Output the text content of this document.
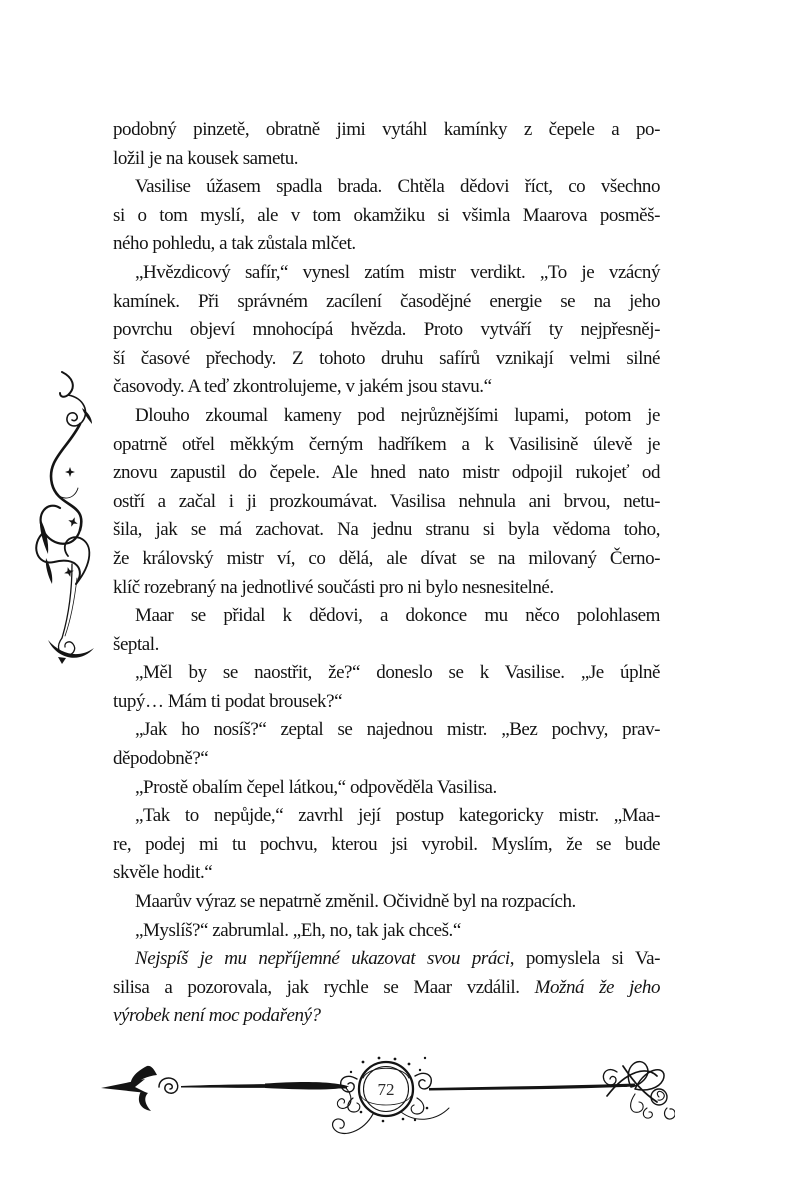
podobný pinzetě, obratně jimi vytáhl kamínky z čepele a po-
ložil je na kousek sametu.
Vasilise úžasem spadla brada. Chtěla dědovi říct, co všechno
si o tom myslí, ale v tom okamžiku si všimla Maarova posměš-
ného pohledu, a tak zůstala mlčet.
„Hvězdicový safír,“ vynesl zatím mistr verdikt. „To je vzácný
kamínek. Při správném zacílení časodějné energie se na jeho
povrchu objeví mnohocípá hvězda. Proto vytváří ty nejpřesněj-
ší časové přechody. Z tohoto druhu safírů vznikají velmi silné
časovody. A teď zkontrolujeme, v jakém jsou stavu.“
Dlouho zkoumal kameny pod nejrůznějšími lupami, potom je
opatrně otřel měkkým černým hadříkem a k Vasilisině úlevě je
znovu zapustil do čepele. Ale hned nato mistr odpojil rukojeť od
ostří a začal i ji prozkoumávat. Vasilisa nehnula ani brvou, netu-
šila, jak se má zachovat. Na jednu stranu si byla vědoma toho,
že královský mistr ví, co dělá, ale dívat se na milovaný Černo-
klíč rozebraný na jednotlivé součásti pro ni bylo nesnesitelné.
Maar se přidal k dědovi, a dokonce mu něco polohlasem
šeptal.
„Měl by se naostřit, že?“ doneslo se k Vasilise. „Je úplně
tupý… Mám ti podat brousek?“
„Jak ho nosíš?“ zeptal se najednou mistr. „Bez pochvy, prav-
děpodobně?“
„Prostě obalím čepel látkou,“ odpověděla Vasilisa.
„Tak to nepůjde,“ zavrhl její postup kategoricky mistr. „Maa-
re, podej mi tu pochvu, kterou jsi vyrobil. Myslím, že se bude
skvěle hodit.“
Maarův výraz se nepatrně změnil. Očividně byl na rozpacích.
„Myslíš?“ zabrumlal. „Eh, no, tak jak chceš.“
Nejspíš je mu nepříjemné ukazovat svou práci, pomyslela si Va-
silisa a pozorovala, jak rychle se Maar vzdálil. Možná že jeho
výrobek není moc podařený?
72
